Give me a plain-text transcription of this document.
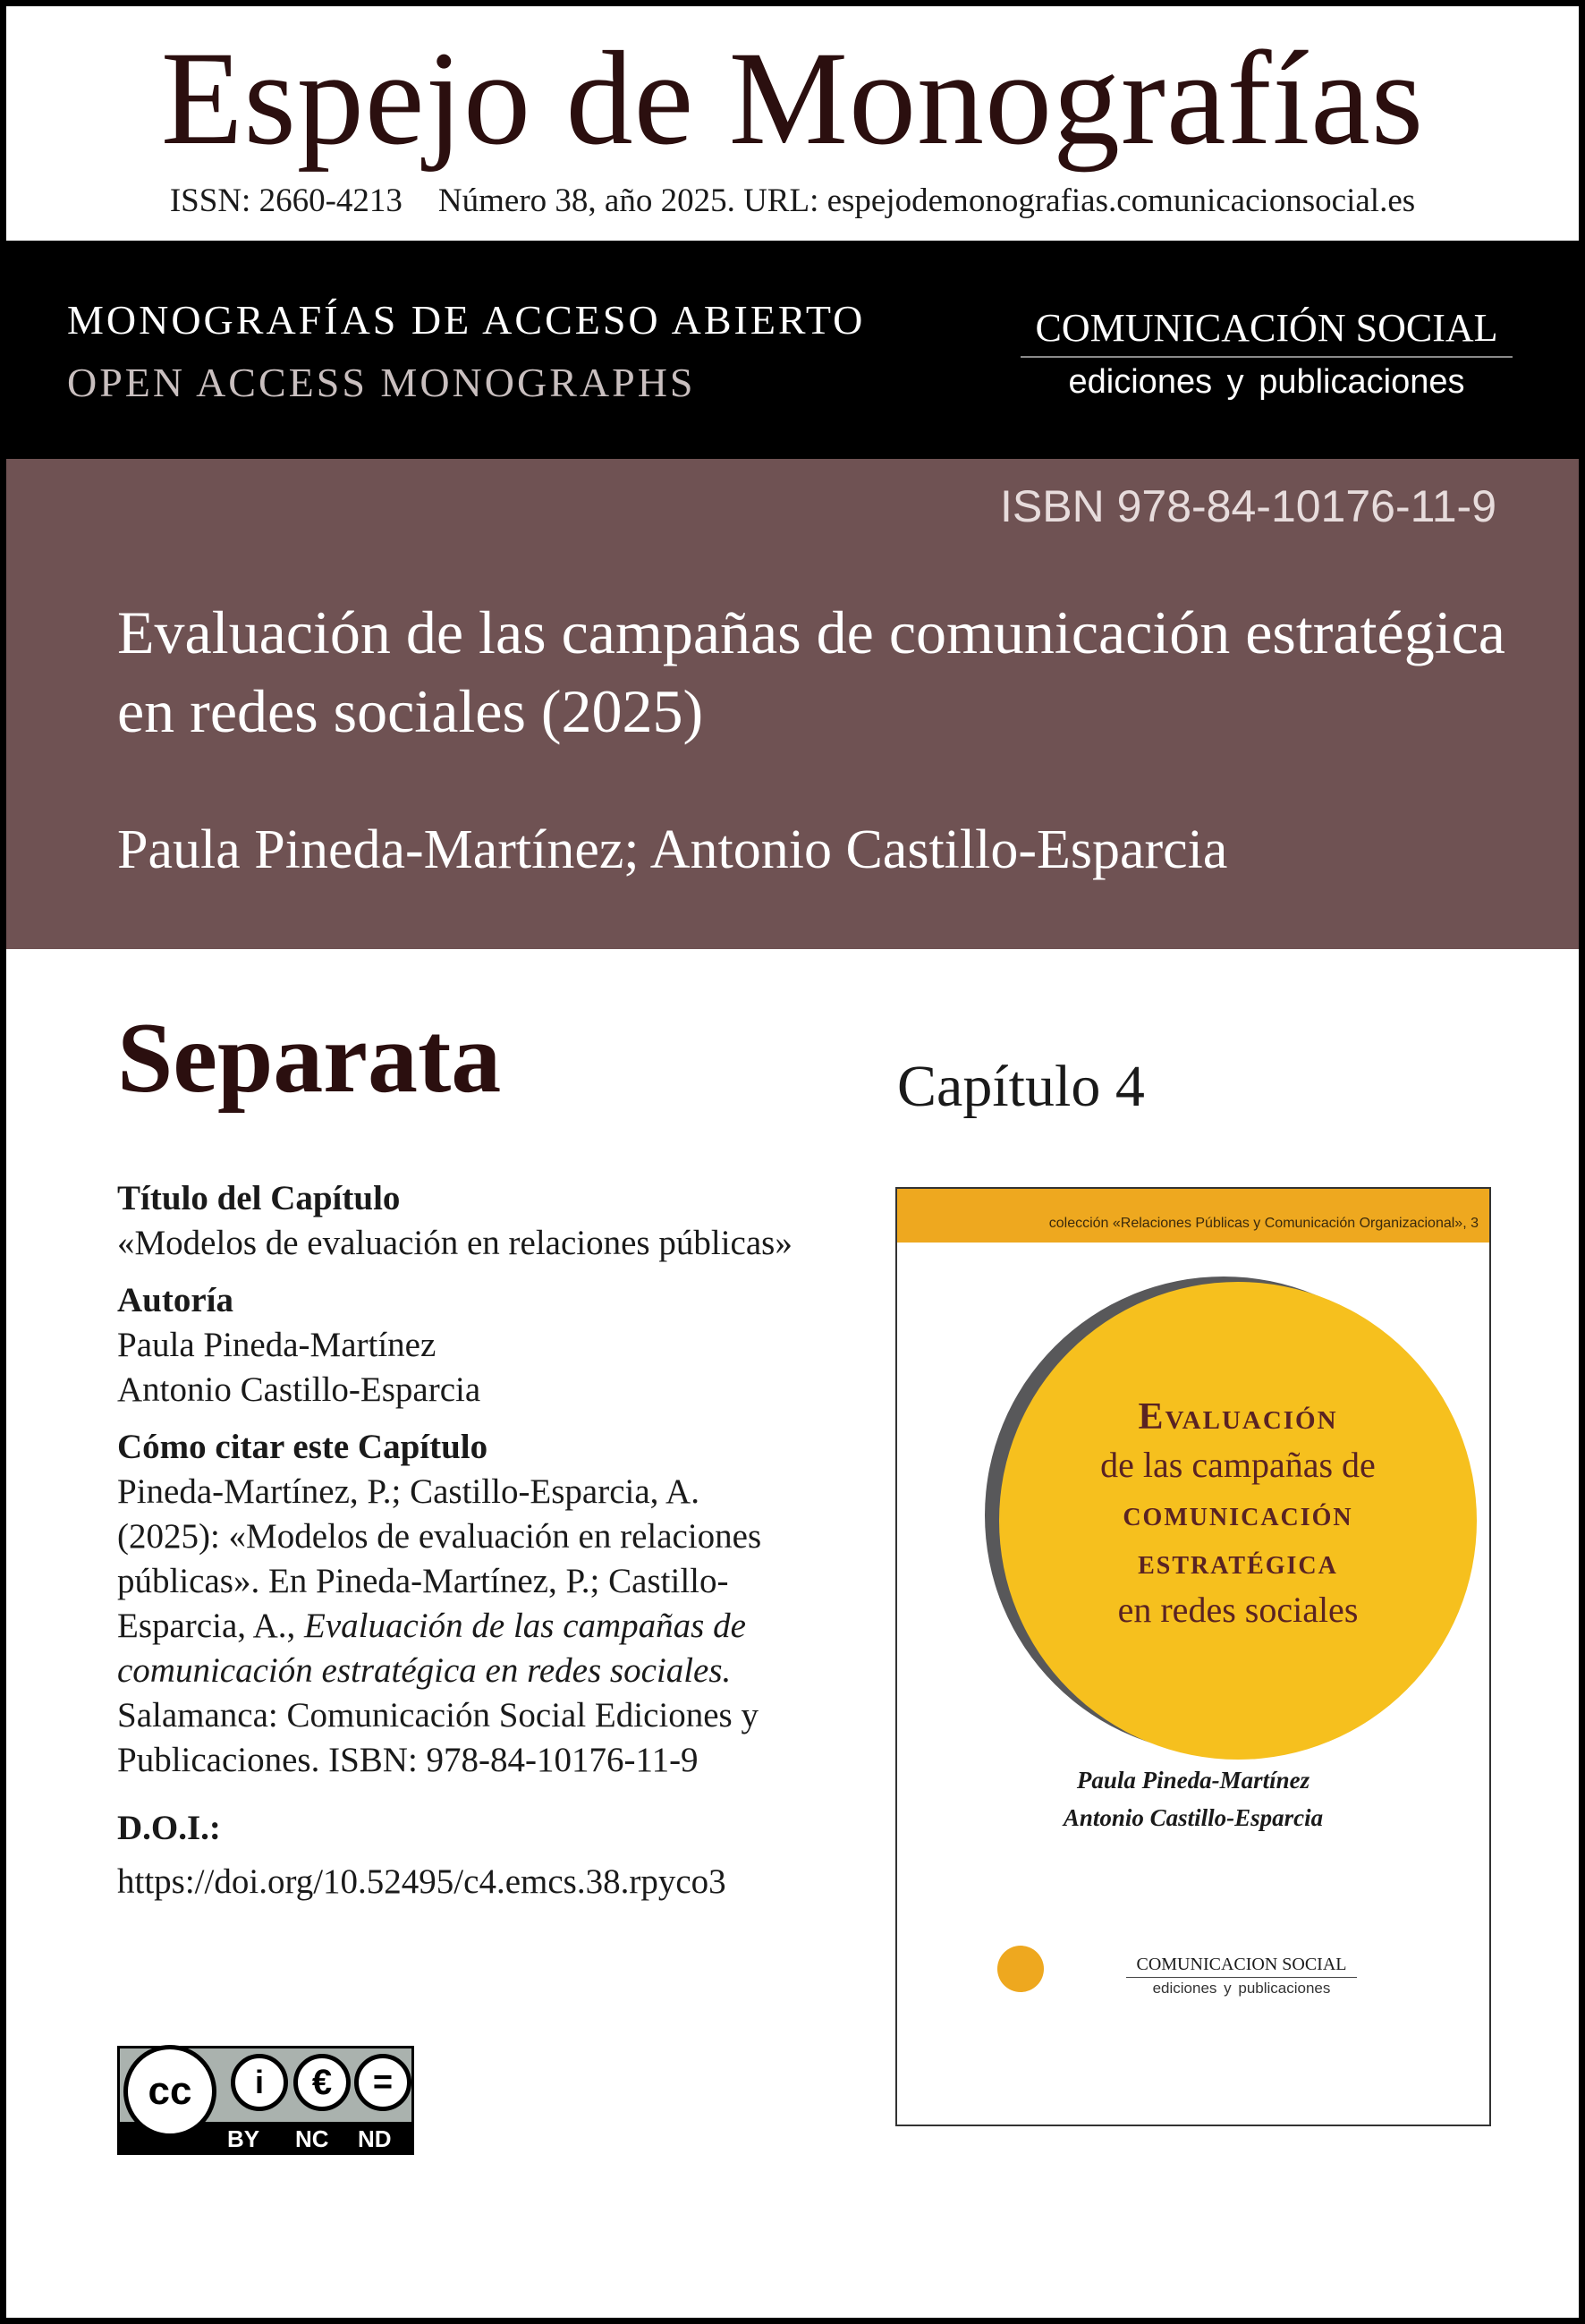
Espejo de Monografías
ISSN: 2660-4213 Número 38, año 2025. URL: espejodemonografias.comunicacionsocial.es
MONOGRAFÍAS DE ACCESO ABIERTO
OPEN ACCESS MONOGRAPHS
COMUNICACIÓN SOCIAL
ediciones y publicaciones
ISBN 978-84-10176-11-9
Evaluación de las campañas de comunicación estratégica en redes sociales (2025)
Paula Pineda-Martínez; Antonio Castillo-Esparcia
Separata	Capítulo 4
Título del Capítulo
«Modelos de evaluación en relaciones públicas»
Autoría
Paula Pineda-Martínez
Antonio Castillo-Esparcia
Cómo citar este Capítulo
Pineda-Martínez, P.; Castillo-Esparcia, A. (2025): «Modelos de evaluación en relaciones públicas». En Pineda-Martínez, P.; Castillo-Esparcia, A., Evaluación de las campañas de comunicación estratégica en redes sociales. Salamanca: Comunicación Social Ediciones y Publicaciones. ISBN: 978-84-10176-11-9
D.O.I.:
https://doi.org/10.52495/c4.emcs.38.rpyco3
cc	i	€	=
BY NC ND
colección «Relaciones Públicas y Comunicación Organizacional», 3
Evaluación
de las campañas de
comunicación
estratégica
en redes sociales
Paula Pineda-Martínez
Antonio Castillo-Esparcia
COMUNICACION SOCIAL
ediciones y publicaciones
